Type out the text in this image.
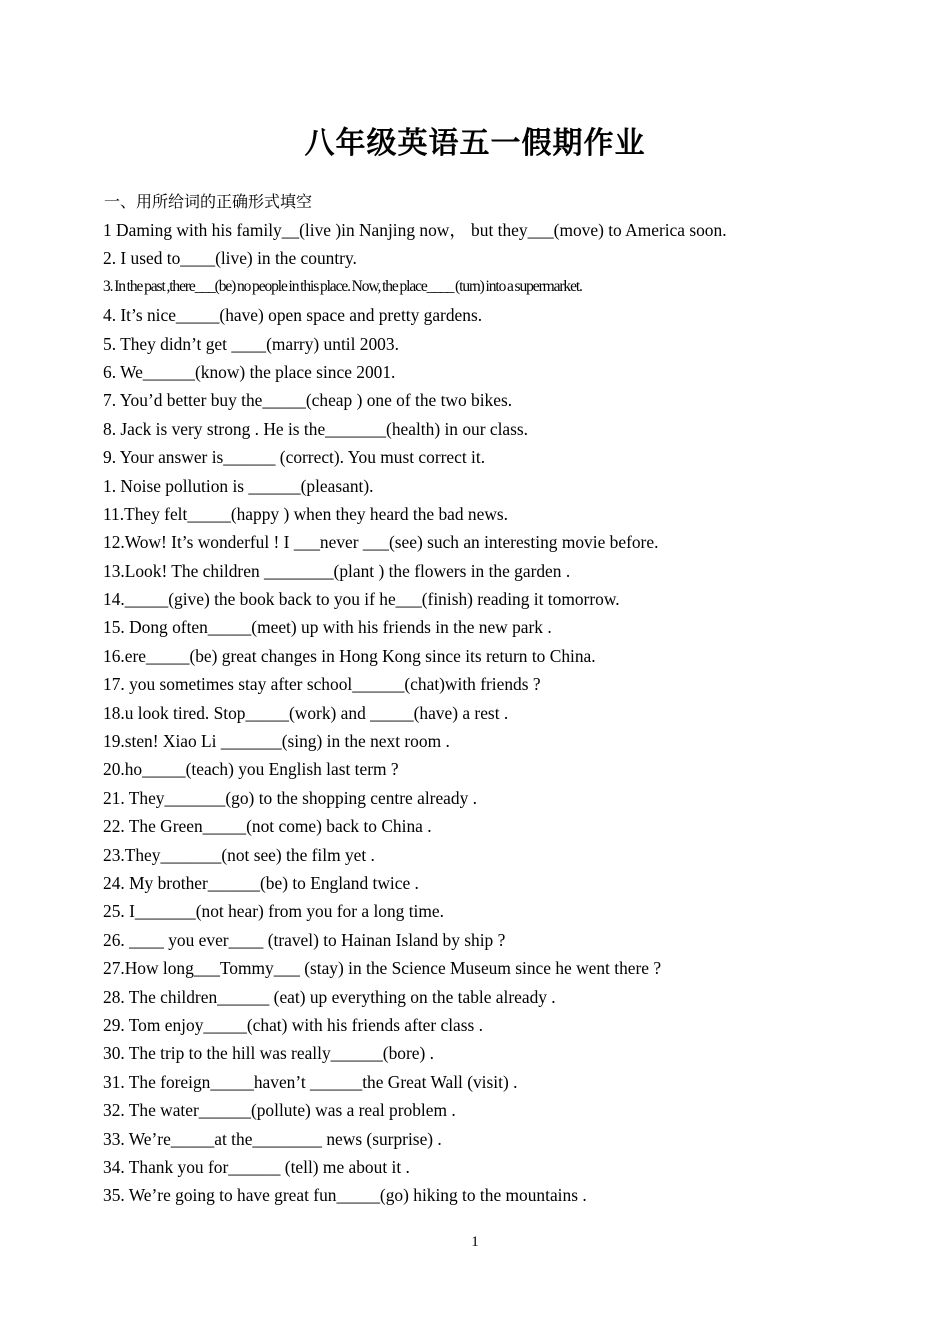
八年级英语五一假期作业
一、用所给词的正确形式填空
1 Daming with his family__(live )in Nanjing now， but they___(move) to America soon.
2. I used to____(live) in the country.
3. In the past ,there___(be) no people in this place. Now, the place____ (turn) into a supermarket.
4. It’s nice_____(have) open space and pretty gardens.
5. They didn’t get ____(marry) until 2003.
6. We______(know) the place since 2001.
7. You’d better buy the_____(cheap ) one of the two bikes.
8. Jack is very strong . He is the_______(health) in our class.
9. Your answer is______ (correct). You must correct it.
1. Noise pollution is ______(pleasant).
11.They felt_____(happy ) when they heard the bad news.
12.Wow! It’s wonderful ! I ___never ___(see) such an interesting movie before.
13.Look! The children ________(plant ) the flowers in the garden .
14._____(give) the book back to you if he___(finish) reading it tomorrow.
15. Dong often_____(meet) up with his friends in the new park .
16.ere_____(be) great changes in Hong Kong since its return to China.
17. you sometimes stay after school______(chat)with friends ?
18.u look tired. Stop_____(work) and _____(have) a rest .
19.sten! Xiao Li _______(sing) in the next room .
20.ho_____(teach) you English last term ?
21. They_______(go) to the shopping centre already .
22. The Green_____(not come) back to China .
23.They_______(not see) the film yet .
24. My brother______(be) to England twice .
25. I_______(not hear) from you for a long time.
26. ____ you ever____ (travel) to Hainan Island by ship ?
27.How long___Tommy___ (stay) in the Science Museum since he went there ?
28. The children______ (eat) up everything on the table already .
29. Tom enjoy_____(chat) with his friends after class .
30. The trip to the hill was really______(bore) .
31. The foreign_____haven’t ______the Great Wall (visit) .
32. The water______(pollute) was a real problem .
33. We’re_____at the________ news (surprise) .
34. Thank you for______ (tell) me about it .
35. We’re going to have great fun_____(go) hiking to the mountains .
1
